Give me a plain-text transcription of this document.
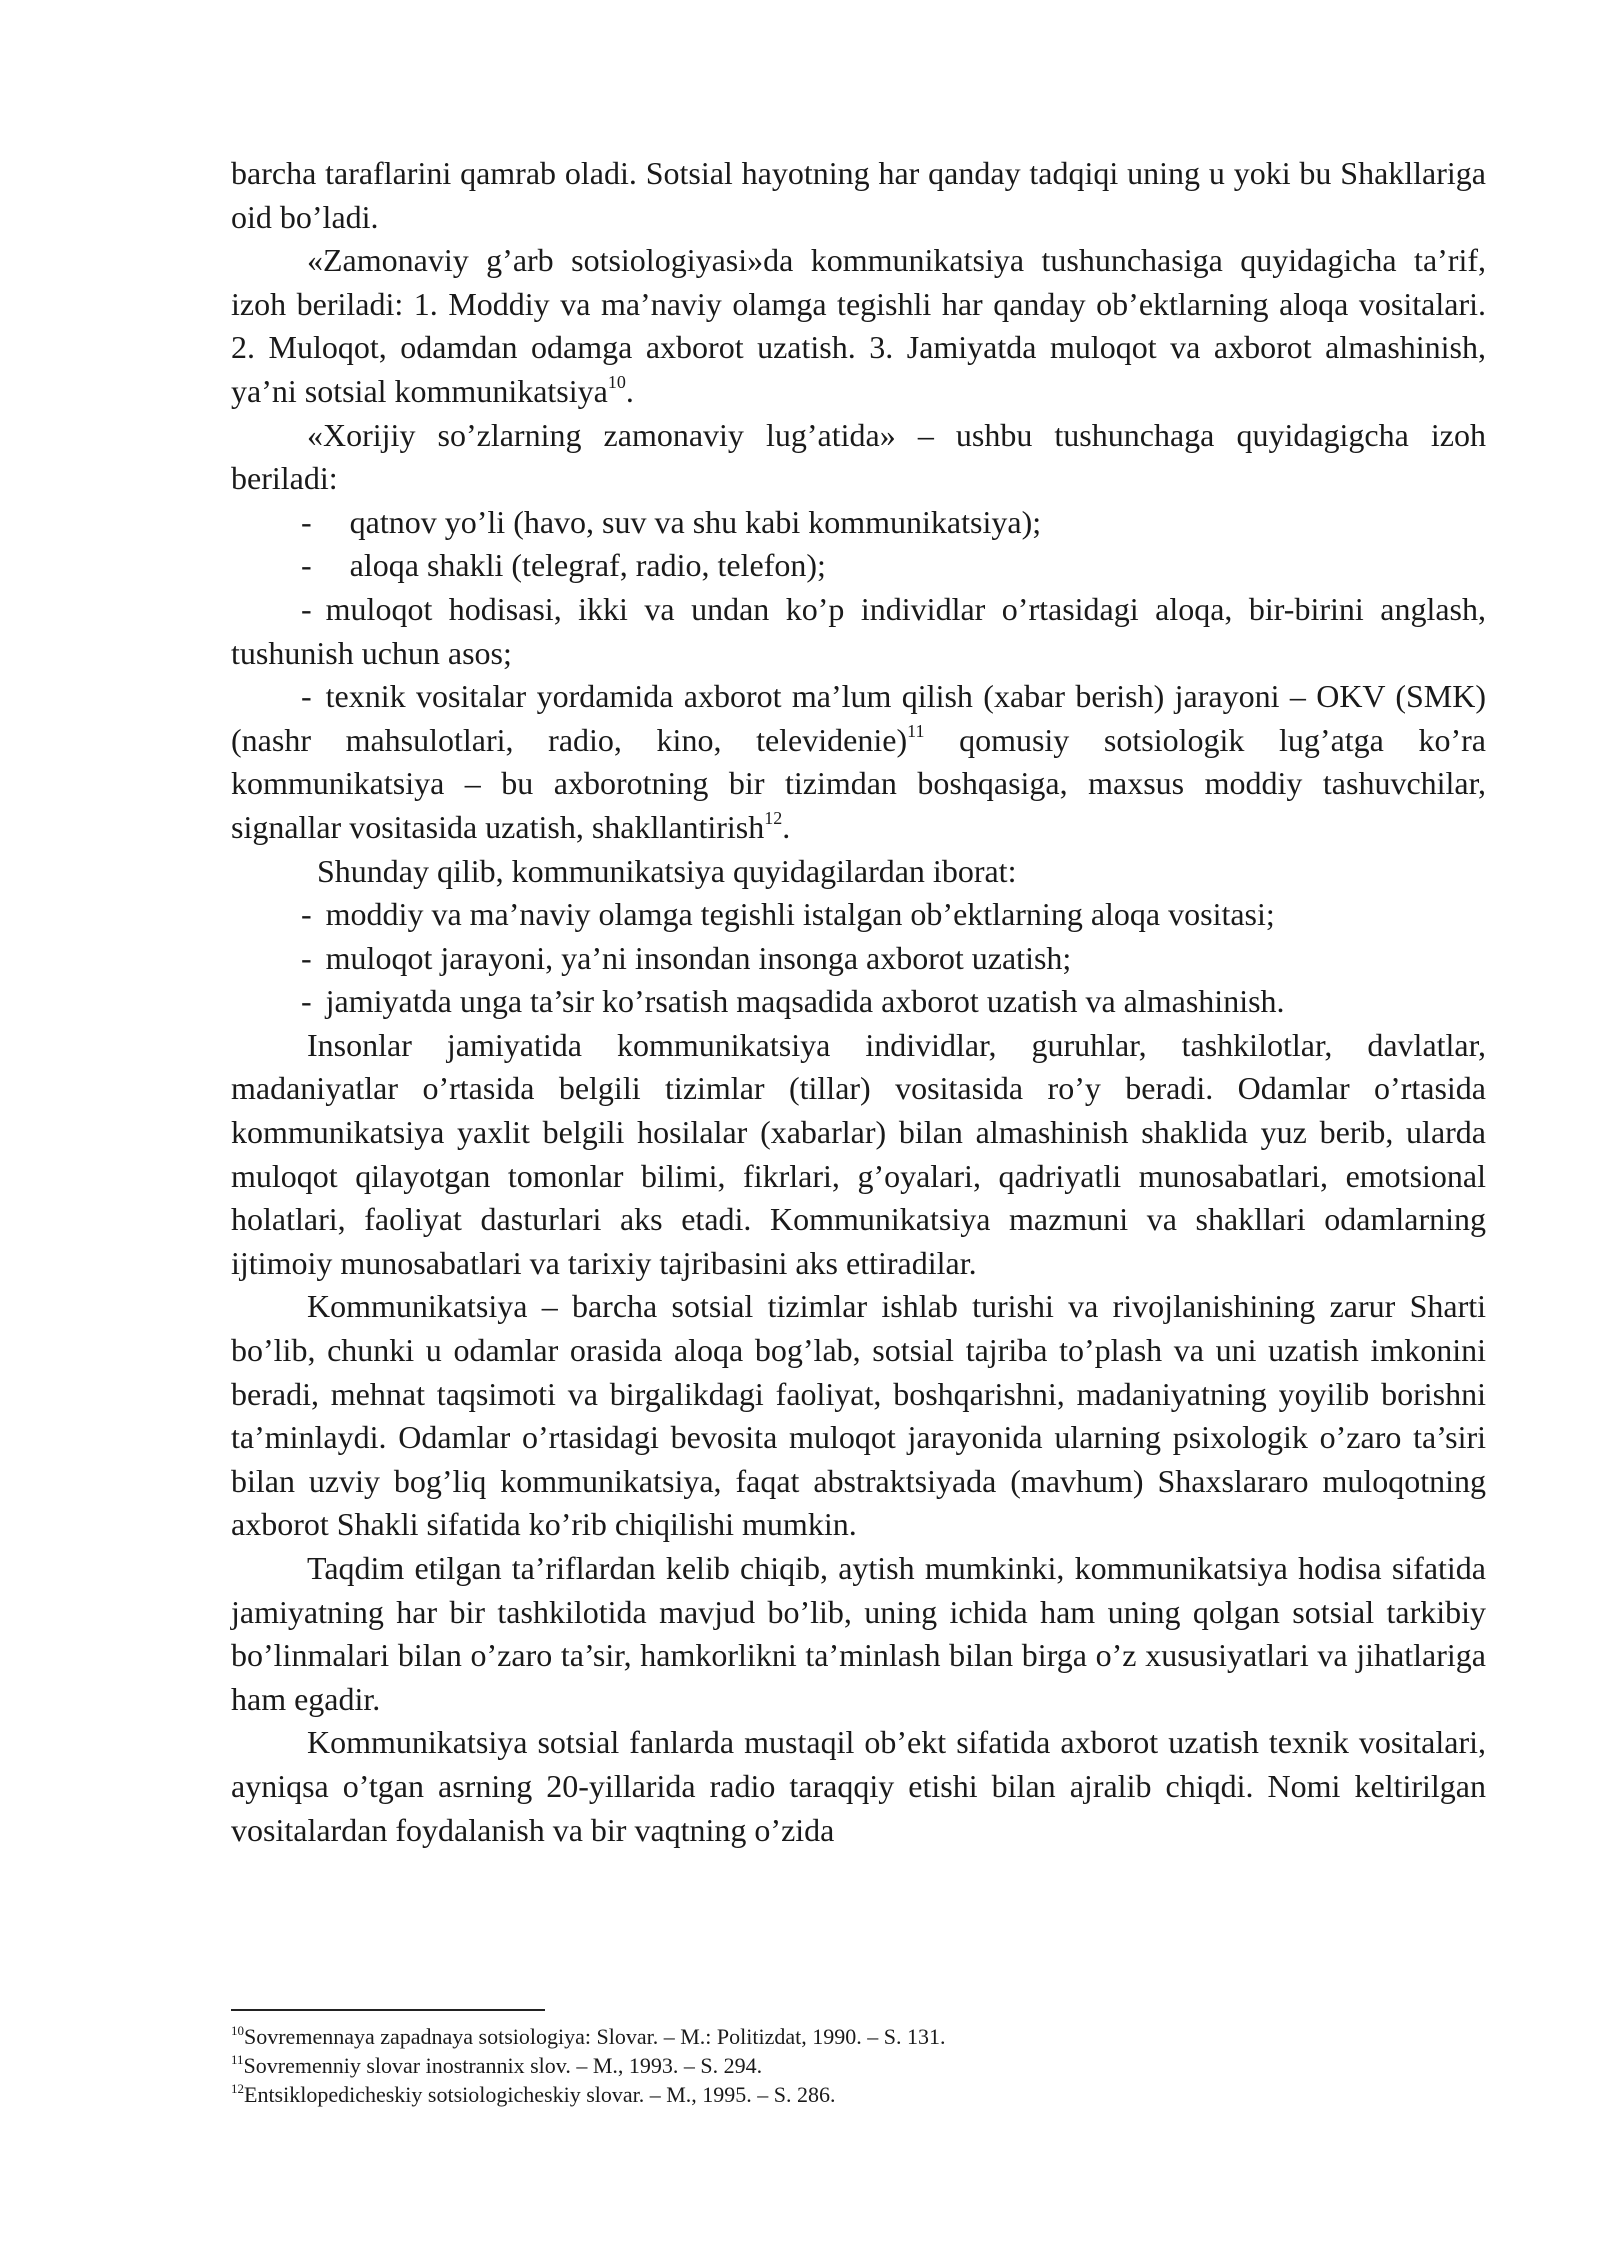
barcha taraflarini qamrab oladi. Sotsial hayotning har qanday tadqiqi uning u yoki bu Shakllariga oid bo’ladi.

«Zamonaviy g’arb sotsiologiyasi»da kommunikatsiya tushunchasiga quyidagicha ta’rif, izoh beriladi: 1. Moddiy va ma’naviy olamga tegishli har qanday ob’ektlarning aloqa vositalari. 2. Muloqot, odamdan odamga axborot uzatish. 3. Jamiyatda muloqot va axborot almashinish, ya’ni sotsial kommunikatsiya$^{10}$.

«Xorijiy so’zlarning zamonaviy lug’atida» – ushbu tushunchaga quyidagigcha izoh beriladi:

- qatnov yo’li (havo, suv va shu kabi kommunikatsiya);

- aloqa shakli (telegraf, radio, telefon);

- muloqot hodisasi, ikki va undan ko’p individlar o’rtasidagi aloqa, bir-birini anglash, tushunish uchun asos;

- texnik vositalar yordamida axborot ma’lum qilish (xabar berish) jarayoni – OKV (SMK) (nashr mahsulotlari, radio, kino, televidenie)$^{11}$ qomusiy sotsiologik lug’atga ko’ra kommunikatsiya – bu axborotning bir tizimdan boshqasiga, maxsus moddiy tashuvchilar, signallar vositasida uzatish, shakllantirish$^{12}$.

Shunday qilib, kommunikatsiya quyidagilardan iborat:

- moddiy va ma’naviy olamga tegishli istalgan ob’ektlarning aloqa vositasi;

- muloqot jarayoni, ya’ni insondan insonga axborot uzatish;

- jamiyatda unga ta’sir ko’rsatish maqsadida axborot uzatish va almashinish.

Insonlar jamiyatida kommunikatsiya individlar, guruhlar, tashkilotlar, davlatlar, madaniyatlar o’rtasida belgili tizimlar (tillar) vositasida ro’y beradi. Odamlar o’rtasida kommunikatsiya yaxlit belgili hosilalar (xabarlar) bilan almashinish shaklida yuz berib, ularda muloqot qilayotgan tomonlar bilimi, fikrlari, g’oyalari, qadriyatli munosabatlari, emotsional holatlari, faoliyat dasturlari aks etadi. Kommunikatsiya mazmuni va shakllari odamlarning ijtimoiy munosabatlari va tarixiy tajribasini aks ettiradilar.

Kommunikatsiya – barcha sotsial tizimlar ishlab turishi va rivojlanishining zarur Sharti bo’lib, chunki u odamlar orasida aloqa bog’lab, sotsial tajriba to’plash va uni uzatish imkonini beradi, mehnat taqsimoti va birgalikdagi faoliyat, boshqarishni, madaniyatning yoyilib borishni ta’minlaydi. Odamlar o’rtasidagi bevosita muloqot jarayonida ularning psixologik o’zaro ta’siri bilan uzviy bog’liq kommunikatsiya, faqat abstraktsiyada (mavhum) Shaxslararo muloqotning axborot Shakli sifatida ko’rib chiqilishi mumkin.

Taqdim etilgan ta’riflardan kelib chiqib, aytish mumkinki, kommunikatsiya hodisa sifatida jamiyatning har bir tashkilotida mavjud bo’lib, uning ichida ham uning qolgan sotsial tarkibiy bo’linmalari bilan o’zaro ta’sir, hamkorlikni ta’minlash bilan birga o’z xususiyatlari va jihatlariga ham egadir.

Kommunikatsiya sotsial fanlarda mustaqil ob’ekt sifatida axborot uzatish texnik vositalari, ayniqsa o’tgan asrning 20-yillarida radio taraqqiy etishi bilan ajralib chiqdi. Nomi keltirilgan vositalardan foydalanish va bir vaqtning o’zida

$^{10}$Sovremennaya zapadnaya sotsiologiya: Slovar. – M.: Politizdat, 1990. – S. 131.

$^{11}$Sovremenniy slovar inostrannix slov. – M., 1993. – S. 294.

$^{12}$Entsiklopedicheskiy sotsiologicheskiy slovar. – M., 1995. – S. 286.
